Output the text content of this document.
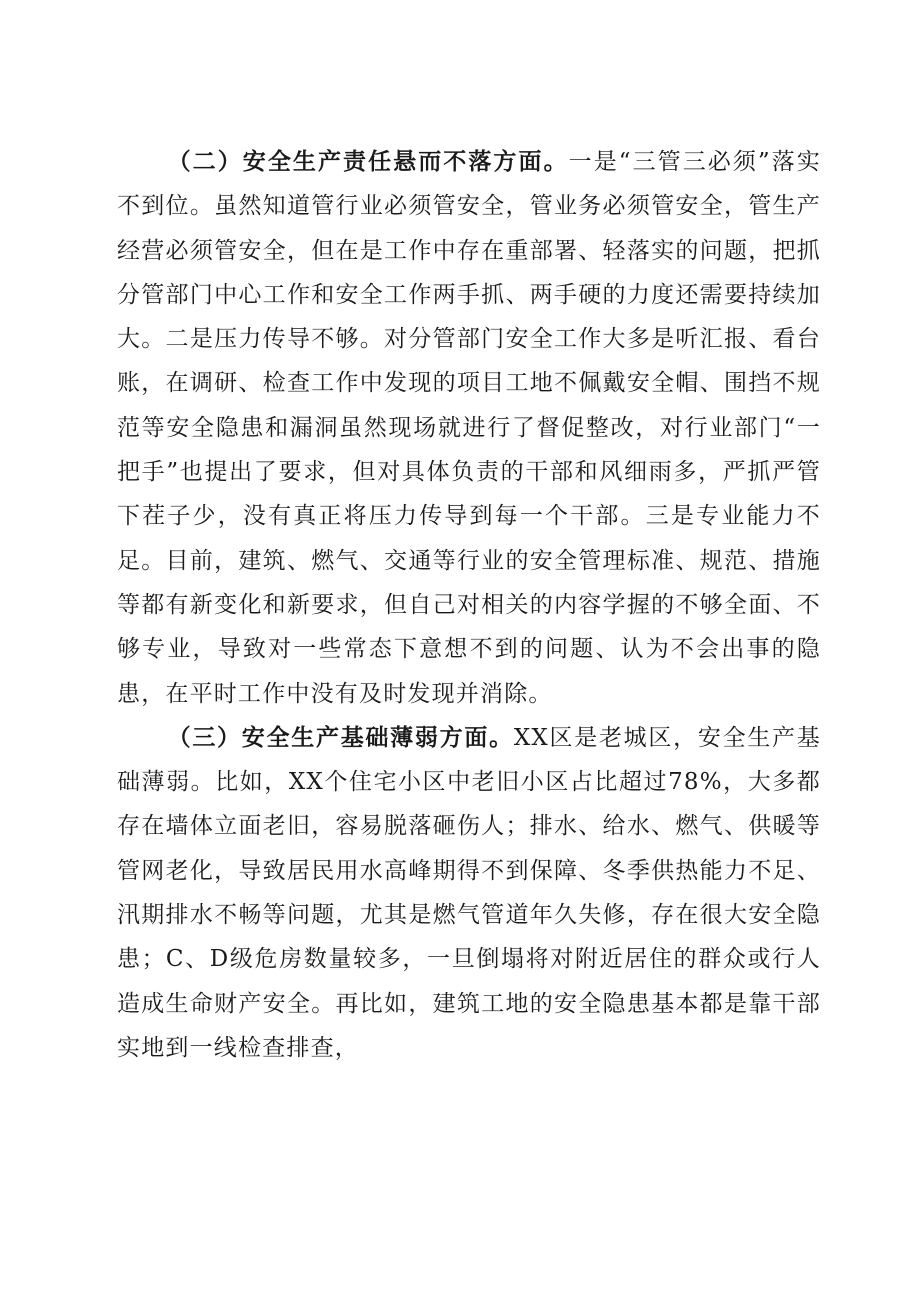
（二）安全生产责任悬而不落方面。一是“三管三必须”落实不到位。虽然知道管行业必须管安全，管业务必须管安全，管生产经营必须管安全，但在是工作中存在重部署、轻落实的问题，把抓分管部门中心工作和安全工作两手抓、两手硬的力度还需要持续加大。二是压力传导不够。对分管部门安全工作大多是听汇报、看台账，在调研、检查工作中发现的项目工地不佩戴安全帽、围挡不规范等安全隐患和漏洞虽然现场就进行了督促整改，对行业部门“一把手”也提出了要求，但对具体负责的干部和风细雨多，严抓严管下茬子少，没有真正将压力传导到每一个干部。三是专业能力不足。目前，建筑、燃气、交通等行业的安全管理标准、规范、措施等都有新变化和新要求，但自己对相关的内容学握的不够全面、不够专业，导致对一些常态下意想不到的问题、认为不会出事的隐患，在平时工作中没有及时发现并消除。

（三）安全生产基础薄弱方面。XX区是老城区，安全生产基础薄弱。比如，XX个住宅小区中老旧小区占比超过78%，大多都存在墙体立面老旧，容易脱落砸伤人；排水、给水、燃气、供暖等管网老化，导致居民用水高峰期得不到保障、冬季供热能力不足、汛期排水不畅等问题，尤其是燃气管道年久失修，存在很大安全隐患；C、D级危房数量较多，一旦倒塌将对附近居住的群众或行人造成生命财产安全。再比如，建筑工地的安全隐患基本都是靠干部实地到一线检查排查，
